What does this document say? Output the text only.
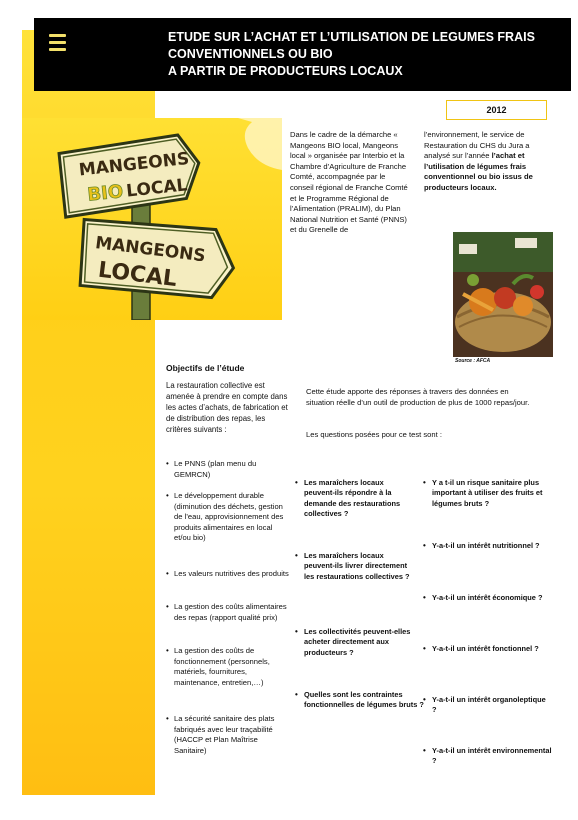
ETUDE SUR L’ACHAT ET L’UTILISATION DE LEGUMES FRAIS
CONVENTIONNELS OU BIO
A PARTIR DE PRODUCTEURS LOCAUX
2012
MANGEONS
BIO LOCAL
MANGEONS
LOCAL
Dans le cadre de la démarche « Mangeons BIO local, Mangeons local » organisée par Interbio et la Chambre d’Agriculture de Franche Comté, accompagnée par le conseil régional de Franche Comté et le Programme Régional de l’Alimentation (PRALIM), du Plan National Nutrition et Santé (PNNS) et du Grenelle de
l’environnement, le service de Restauration du CHS du Jura a analysé sur l’année l’achat et l’utilisation de légumes frais conventionnel ou bio issus de producteurs locaux.
Source : AFCA
Objectifs de l’étude
La restauration collective est amenée à prendre en compte dans les actes d’achats, de fabrication et de distribution des repas, les critères suivants :
• Le PNNS (plan menu du GEMRCN)
• Le développement durable (diminution des déchets, gestion de l’eau, approvisionnement des produits alimentaires en local et/ou bio)
• Les valeurs nutritives des produits
• La gestion des coûts alimentaires des repas (rapport qualité prix)
• La gestion des coûts de fonctionnement (personnels, matériels, fournitures, maintenance, entretien,…)
• La sécurité sanitaire des plats fabriqués avec leur traçabilité (HACCP et Plan Maîtrise Sanitaire)
Cette étude apporte des réponses à travers des données en situation réelle d’un outil de production de plus de 1000 repas/jour.
Les questions posées pour ce test sont :
• Les maraîchers locaux peuvent-ils répondre à la demande des restaurations collectives ?
• Les maraîchers locaux peuvent-ils livrer directement les restaurations collectives ?
• Les collectivités peuvent-elles acheter directement aux producteurs ?
• Quelles sont les contraintes fonctionnelles de légumes bruts ?
• Y a t-il un risque sanitaire plus important à utiliser des fruits et légumes bruts ?
• Y-a-t-il un intérêt nutritionnel ?
• Y-a-t-il un intérêt économique ?
• Y-a-t-il un intérêt fonctionnel ?
• Y-a-t-il un intérêt organoleptique ?
• Y-a-t-il un intérêt environnemental ?
